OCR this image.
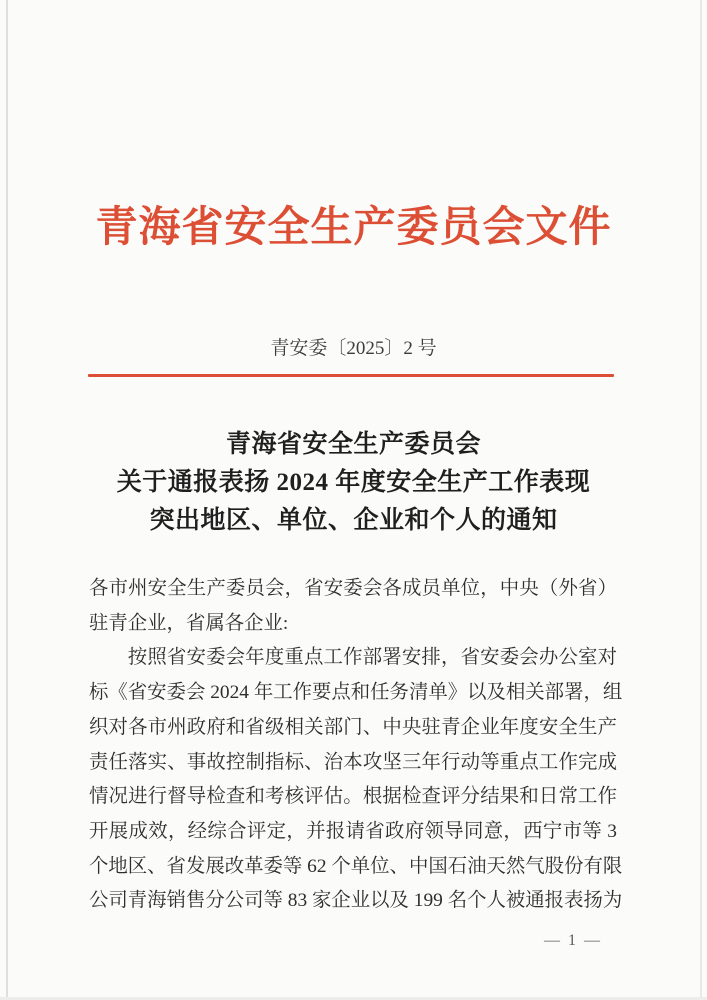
青海省安全生产委员会文件
青安委〔2025〕2 号
青海省安全生产委员会
关于通报表扬 2024 年度安全生产工作表现
突出地区、单位、企业和个人的通知
各市州安全生产委员会，省安委会各成员单位，中央（外省）
驻青企业，省属各企业:
按照省安委会年度重点工作部署安排，省安委会办公室对
标《省安委会 2024 年工作要点和任务清单》以及相关部署，组
织对各市州政府和省级相关部门、中央驻青企业年度安全生产
责任落实、事故控制指标、治本攻坚三年行动等重点工作完成
情况进行督导检查和考核评估。根据检查评分结果和日常工作
开展成效，经综合评定，并报请省政府领导同意，西宁市等 3
个地区、省发展改革委等 62 个单位、中国石油天然气股份有限
公司青海销售分公司等 83 家企业以及 199 名个人被通报表扬为
— 1 —
